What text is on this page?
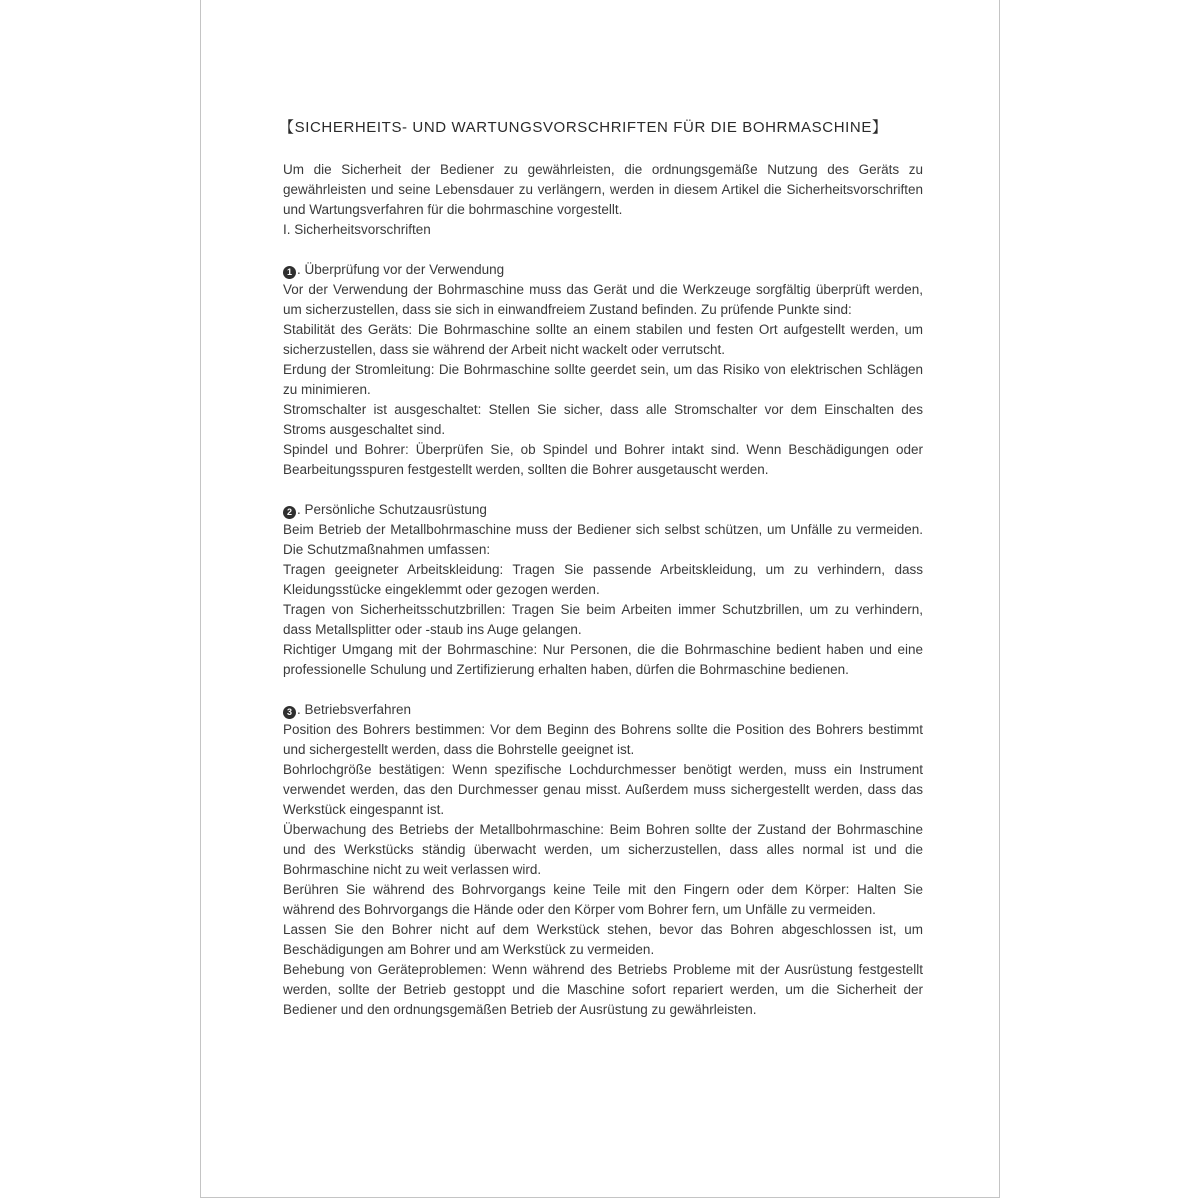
【SICHERHEITS- UND WARTUNGSVORSCHRIFTEN FÜR DIE BOHRMASCHINE】
Um die Sicherheit der Bediener zu gewährleisten, die ordnungsgemäße Nutzung des Geräts zu gewährleisten und seine Lebensdauer zu verlängern, werden in diesem Artikel die Sicherheitsvorschriften und Wartungsverfahren für die bohrmaschine vorgestellt.
I. Sicherheitsvorschriften
1 . Überprüfung vor der Verwendung
Vor der Verwendung der Bohrmaschine muss das Gerät und die Werkzeuge sorgfältig überprüft werden, um sicherzustellen, dass sie sich in einwandfreiem Zustand befinden. Zu prüfende Punkte sind:
Stabilität des Geräts: Die Bohrmaschine sollte an einem stabilen und festen Ort aufgestellt werden, um sicherzustellen, dass sie während der Arbeit nicht wackelt oder verrutscht.
Erdung der Stromleitung: Die Bohrmaschine sollte geerdet sein, um das Risiko von elektrischen Schlägen zu minimieren.
Stromschalter ist ausgeschaltet: Stellen Sie sicher, dass alle Stromschalter vor dem Einschalten des Stroms ausgeschaltet sind.
Spindel und Bohrer: Überprüfen Sie, ob Spindel und Bohrer intakt sind. Wenn Beschädigungen oder Bearbeitungsspuren festgestellt werden, sollten die Bohrer ausgetauscht werden.
2 . Persönliche Schutzausrüstung
Beim Betrieb der Metallbohrmaschine muss der Bediener sich selbst schützen, um Unfälle zu vermeiden. Die Schutzmaßnahmen umfassen:
Tragen geeigneter Arbeitskleidung: Tragen Sie passende Arbeitskleidung, um zu verhindern, dass Kleidungsstücke eingeklemmt oder gezogen werden.
Tragen von Sicherheitsschutzbrillen: Tragen Sie beim Arbeiten immer Schutzbrillen, um zu verhindern, dass Metallsplitter oder -staub ins Auge gelangen.
Richtiger Umgang mit der Bohrmaschine: Nur Personen, die die Bohrmaschine bedient haben und eine professionelle Schulung und Zertifizierung erhalten haben, dürfen die Bohrmaschine bedienen.
3 . Betriebsverfahren
Position des Bohrers bestimmen: Vor dem Beginn des Bohrens sollte die Position des Bohrers bestimmt und sichergestellt werden, dass die Bohrstelle geeignet ist.
Bohrlochgröße bestätigen: Wenn spezifische Lochdurchmesser benötigt werden, muss ein Instrument verwendet werden, das den Durchmesser genau misst. Außerdem muss sichergestellt werden, dass das Werkstück eingespannt ist.
Überwachung des Betriebs der Metallbohrmaschine: Beim Bohren sollte der Zustand der Bohrmaschine und des Werkstücks ständig überwacht werden, um sicherzustellen, dass alles normal ist und die Bohrmaschine nicht zu weit verlassen wird.
Berühren Sie während des Bohrvorgangs keine Teile mit den Fingern oder dem Körper: Halten Sie während des Bohrvorgangs die Hände oder den Körper vom Bohrer fern, um Unfälle zu vermeiden.
Lassen Sie den Bohrer nicht auf dem Werkstück stehen, bevor das Bohren abgeschlossen ist, um Beschädigungen am Bohrer und am Werkstück zu vermeiden.
Behebung von Geräteproblemen: Wenn während des Betriebs Probleme mit der Ausrüstung festgestellt werden, sollte der Betrieb gestoppt und die Maschine sofort repariert werden, um die Sicherheit der Bediener und den ordnungsgemäßen Betrieb der Ausrüstung zu gewährleisten.
